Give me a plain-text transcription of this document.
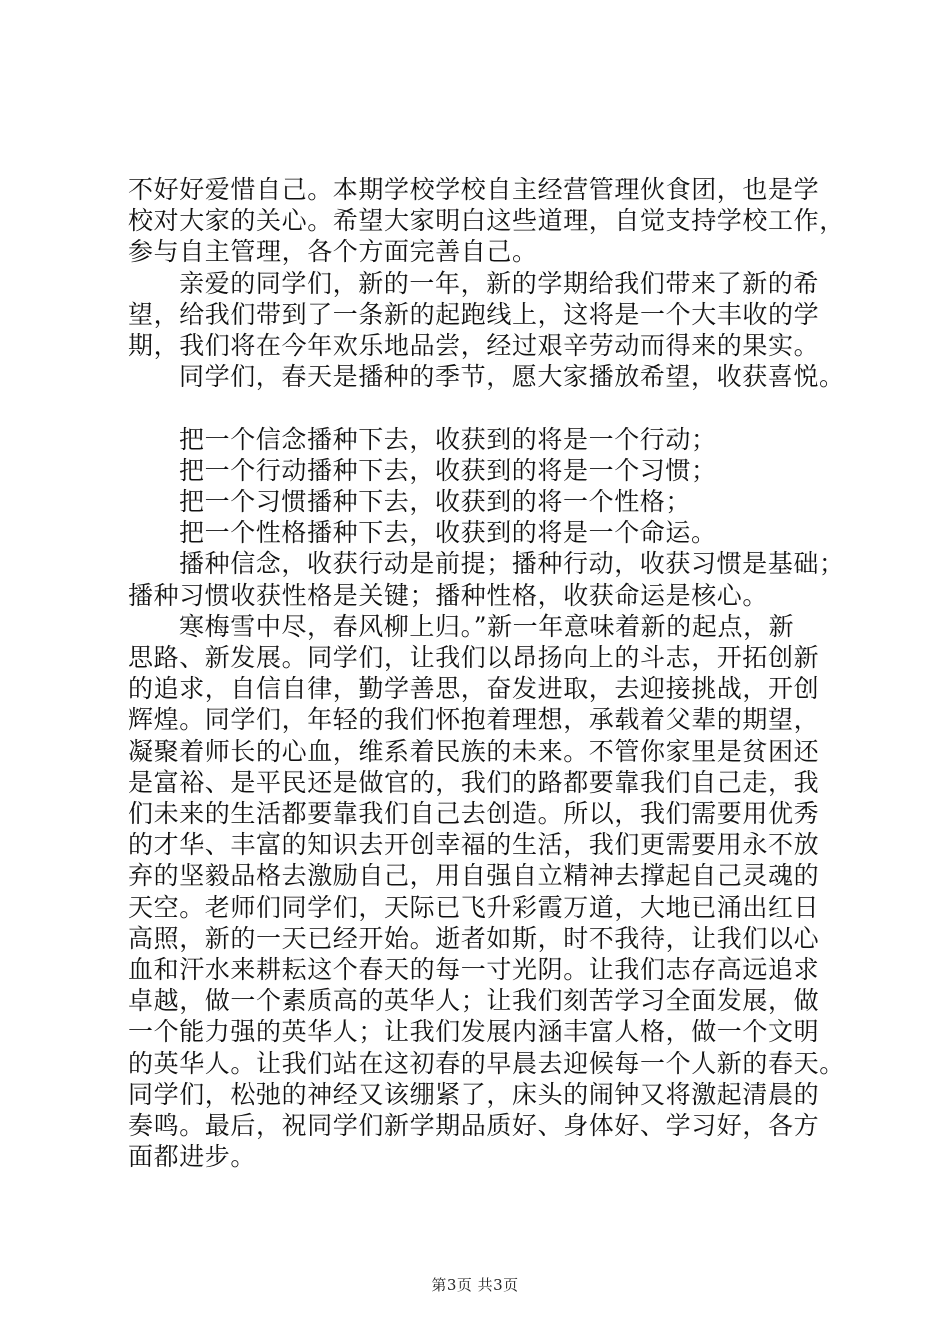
不好好爱惜自己。本期学校学校自主经营管理伙食团，也是学

校对大家的关心。希望大家明白这些道理，自觉支持学校工作，

参与自主管理，各个方面完善自己。

亲爱的同学们，新的一年，新的学期给我们带来了新的希

望，给我们带到了一条新的起跑线上，这将是一个大丰收的学

期，我们将在今年欢乐地品尝，经过艰辛劳动而得来的果实。

同学们，春天是播种的季节，愿大家播放希望，收获喜悦。

把一个信念播种下去，收获到的将是一个行动；

把一个行动播种下去，收获到的将是一个习惯；

把一个习惯播种下去，收获到的将一个性格；

把一个性格播种下去，收获到的将是一个命运。

播种信念，收获行动是前提；播种行动，收获习惯是基础；

播种习惯收获性格是关键；播种性格，收获命运是核心。

寒梅雪中尽，春风柳上归。”新一年意味着新的起点，新

思路、新发展。同学们，让我们以昂扬向上的斗志，开拓创新

的追求，自信自律，勤学善思，奋发进取，去迎接挑战，开创

辉煌。同学们，年轻的我们怀抱着理想，承载着父辈的期望，

凝聚着师长的心血，维系着民族的未来。不管你家里是贫困还

是富裕、是平民还是做官的，我们的路都要靠我们自己走，我

们未来的生活都要靠我们自己去创造。所以，我们需要用优秀

的才华、丰富的知识去开创幸福的生活，我们更需要用永不放

弃的坚毅品格去激励自己，用自强自立精神去撑起自己灵魂的

天空。老师们同学们，天际已飞升彩霞万道，大地已涌出红日

高照，新的一天已经开始。逝者如斯，时不我待，让我们以心

血和汗水来耕耘这个春天的每一寸光阴。让我们志存高远追求

卓越，做一个素质高的英华人；让我们刻苦学习全面发展，做

一个能力强的英华人；让我们发展内涵丰富人格，做一个文明

的英华人。让我们站在这初春的早晨去迎候每一个人新的春天。

同学们，松弛的神经又该绷紧了，床头的闹钟又将激起清晨的

奏鸣。最后，祝同学们新学期品质好、身体好、学习好，各方

面都进步。

第3页 共3页
